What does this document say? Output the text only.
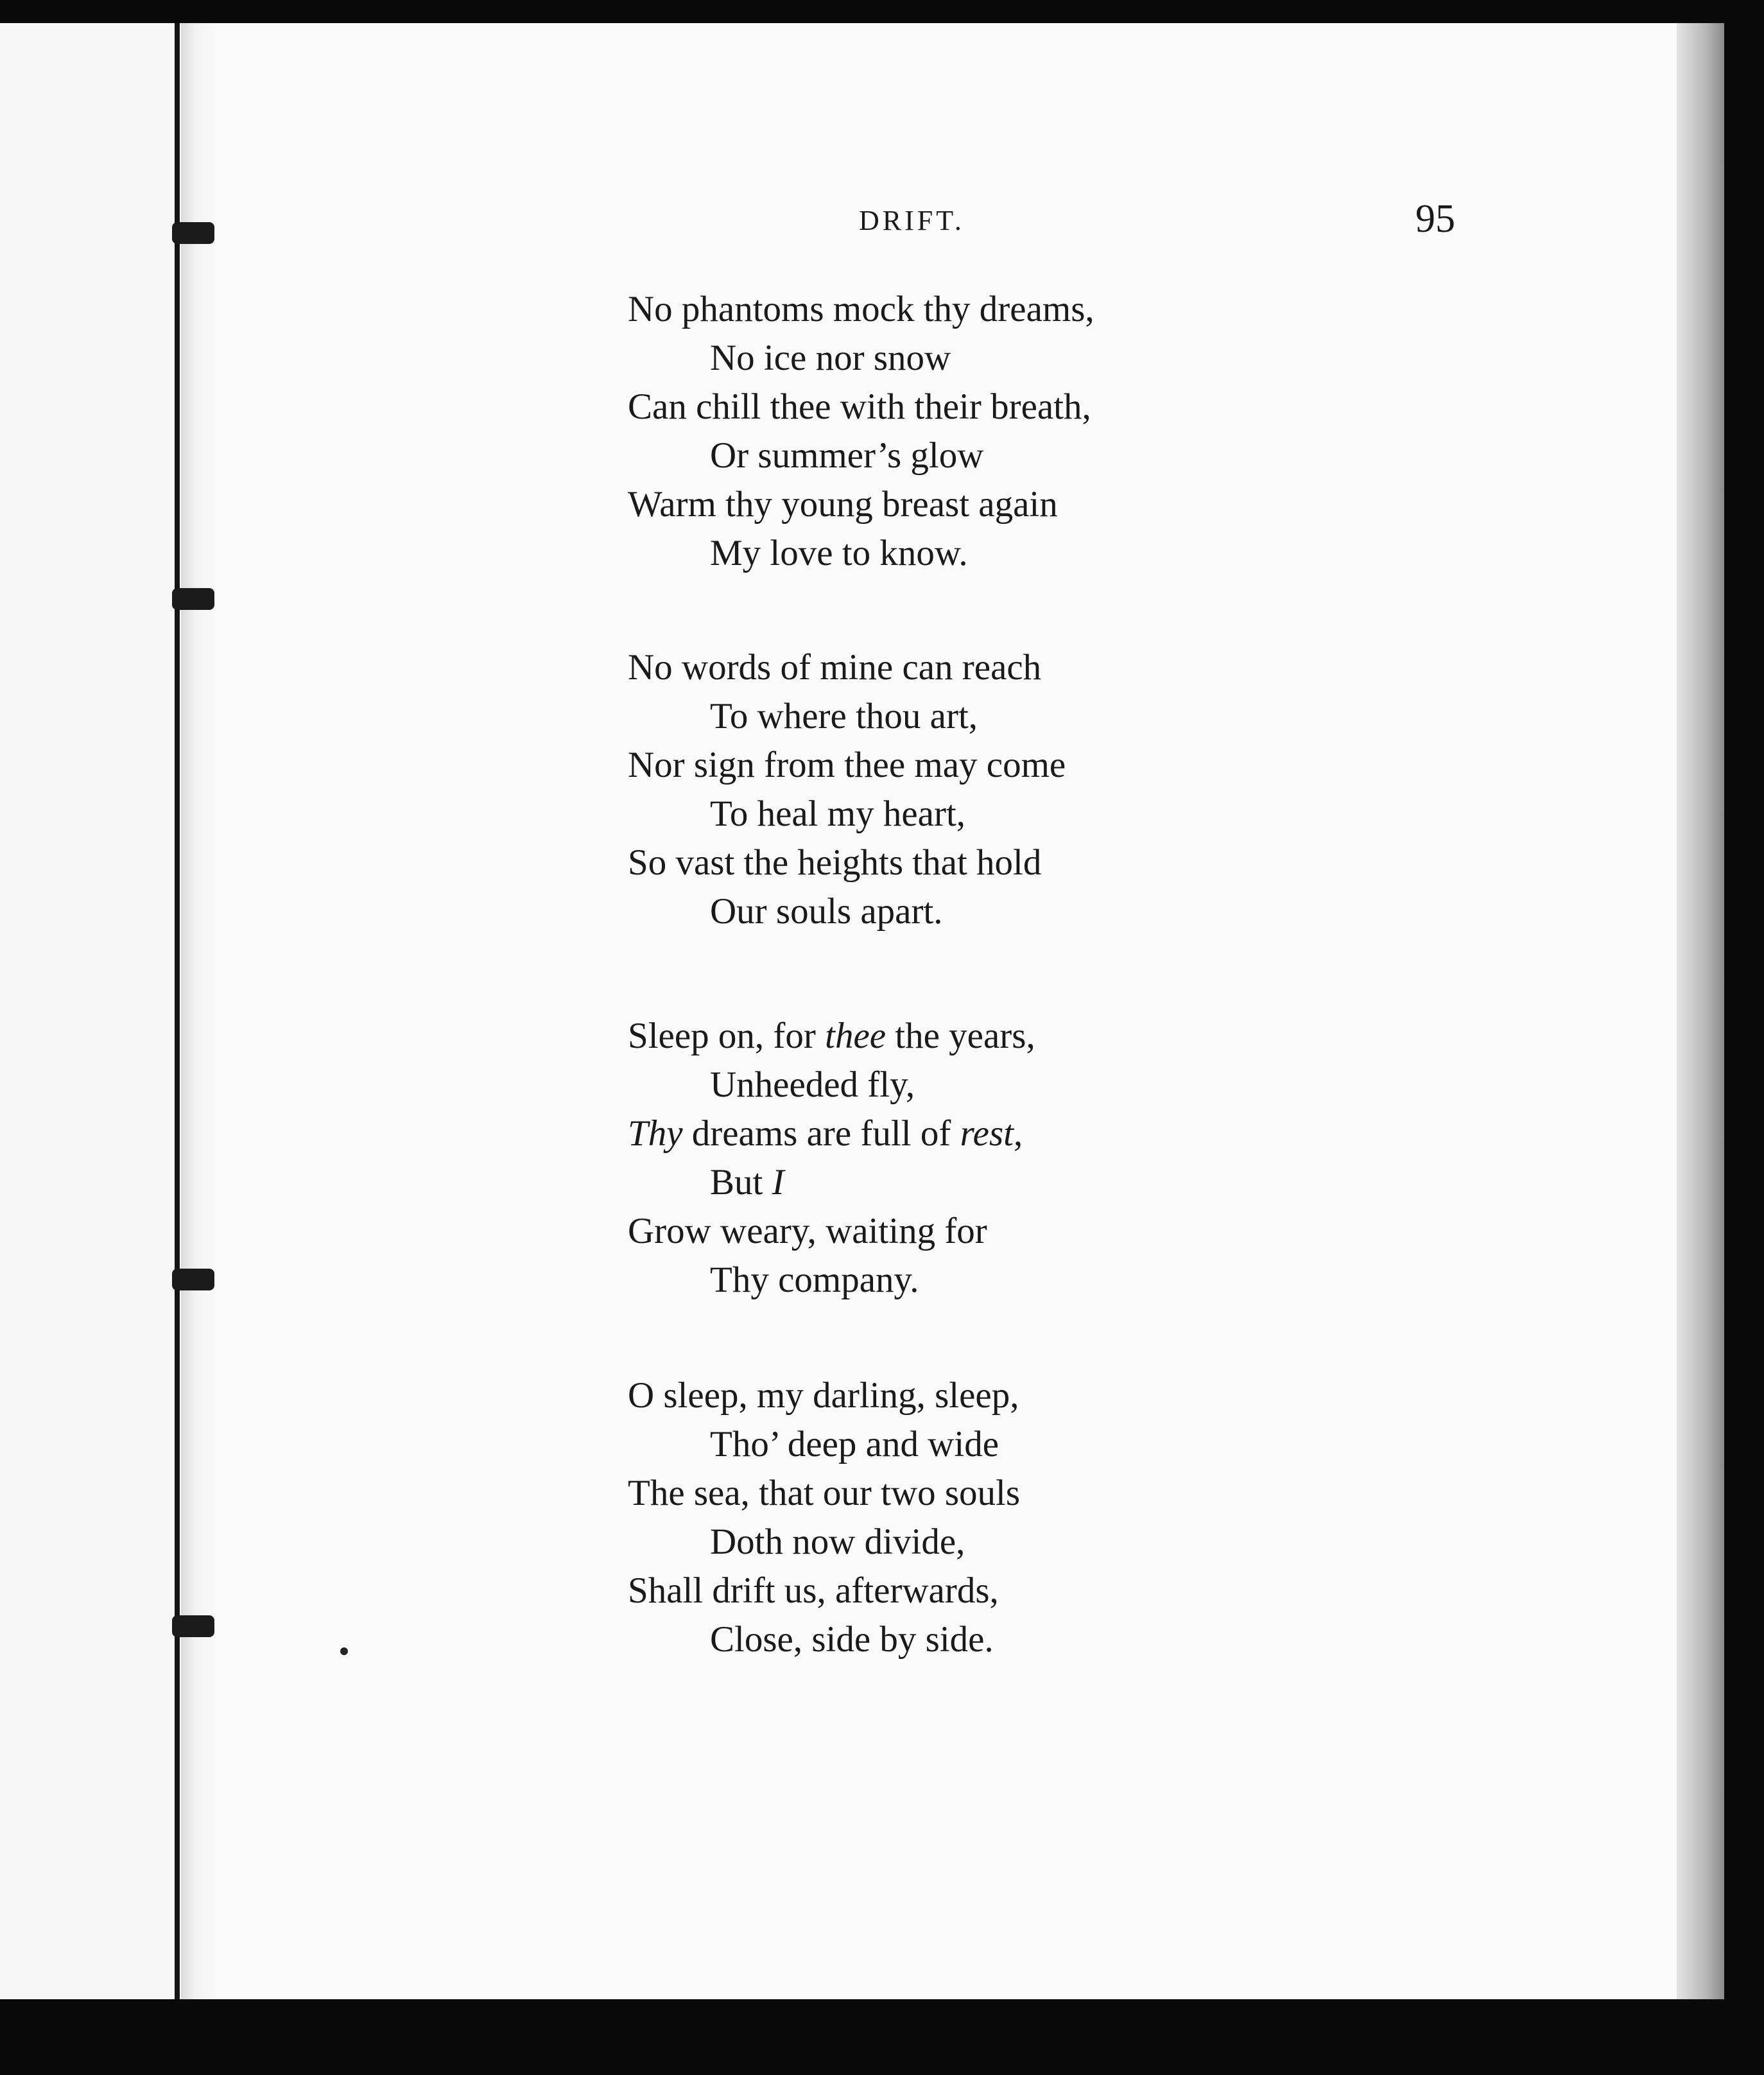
DRIFT.	95
No phantoms mock thy dreams,
No ice nor snow
Can chill thee with their breath,
Or summer’s glow
Warm thy young breast again
My love to know.
No words of mine can reach
To where thou art,
Nor sign from thee may come
To heal my heart,
So vast the heights that hold
Our souls apart.
Sleep on, for thee the years,
Unheeded fly,
Thy dreams are full of rest,
But I
Grow weary, waiting for
Thy company.
O sleep, my darling, sleep,
Tho’ deep and wide
The sea, that our two souls
Doth now divide,
Shall drift us, afterwards,
Close, side by side.
